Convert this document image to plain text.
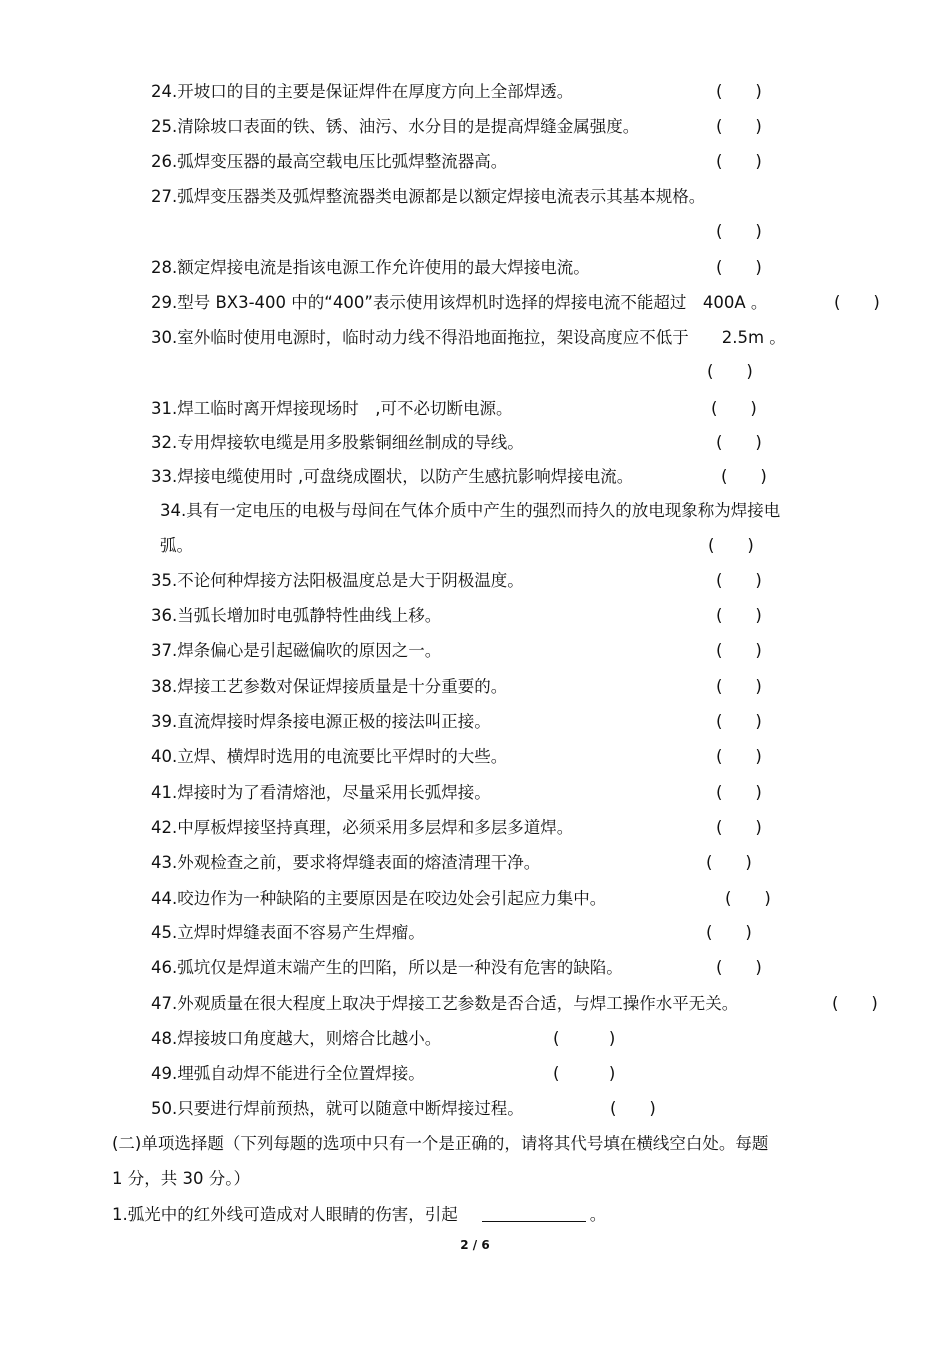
24.开坡口的目的主要是保证焊件在厚度方向上全部焊透。	(　　)
25.清除坡口表面的铁、锈、油污、水分目的是提高焊缝金属强度。	(　　)
26.弧焊变压器的最高空载电压比弧焊整流器高。	(　　)
27.弧焊变压器类及弧焊整流器类电源都是以额定焊接电流表示其基本规格。
(　　)
28.额定焊接电流是指该电源工作允许使用的最大焊接电流。	(　　)
29.型号 BX3-400 中的“400”表示使用该焊机时选择的焊接电流不能超过　400A 。	(　　)
30.室外临时使用电源时，临时动力线不得沿地面拖拉，架设高度应不低于　　2.5m 。
(　　)
31.焊工临时离开焊接现场时　,可不必切断电源。	(　　)
32.专用焊接软电缆是用多股紫铜细丝制成的导线。	(　　)
33.焊接电缆使用时 ,可盘绕成圈状，以防产生感抗影响焊接电流。	(　　)
34.具有一定电压的电极与母间在气体介质中产生的强烈而持久的放电现象称为焊接电
弧。	(　　)
35.不论何种焊接方法阳极温度总是大于阴极温度。	(　　)
36.当弧长增加时电弧静特性曲线上移。	(　　)
37.焊条偏心是引起磁偏吹的原因之一。	(　　)
38.焊接工艺参数对保证焊接质量是十分重要的。	(　　)
39.直流焊接时焊条接电源正极的接法叫正接。	(　　)
40.立焊、横焊时选用的电流要比平焊时的大些。	(　　)
41.焊接时为了看清熔池，尽量采用长弧焊接。	(　　)
42.中厚板焊接坚持真理，必须采用多层焊和多层多道焊。	(　　)
43.外观检查之前，要求将焊缝表面的熔渣清理干净。	(　　)
44.咬边作为一种缺陷的主要原因是在咬边处会引起应力集中。	(　　)
45.立焊时焊缝表面不容易产生焊瘤。	(　　)
46.弧坑仅是焊道末端产生的凹陷，所以是一种没有危害的缺陷。	(　　)
47.外观质量在很大程度上取决于焊接工艺参数是否合适，与焊工操作水平无关。	(　　)
48.焊接坡口角度越大，则熔合比越小。	(　　　)
49.埋弧自动焊不能进行全位置焊接。	(　　　)
50.只要进行焊前预热，就可以随意中断焊接过程。	(　　)
(二)单项选择题（下列每题的选项中只有一个是正确的，请将其代号填在横线空白处。每题
1 分，共 30 分。）
1.弧光中的红外线可造成对人眼睛的伤害，引起	。
2 / 6
